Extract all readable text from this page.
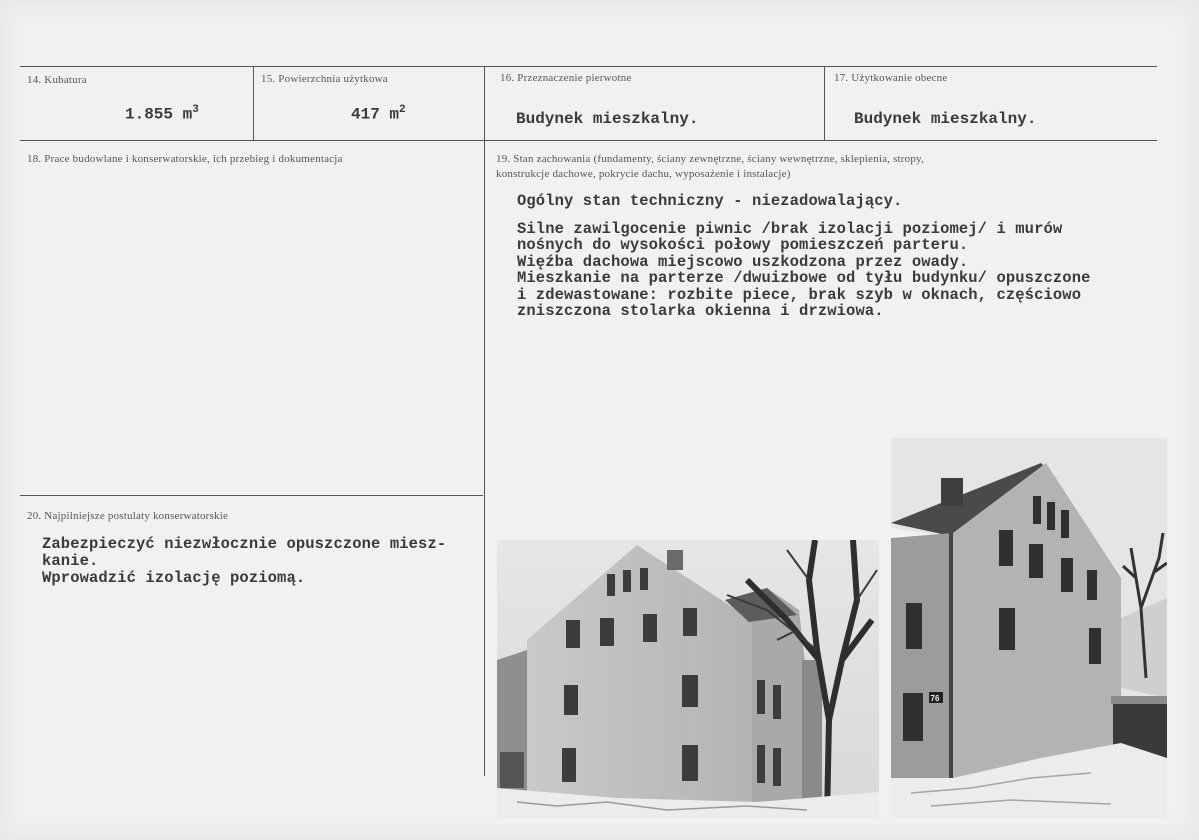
14. Kubatura
1.855 $m^3$
15. Powierzchnia użytkowa
417 $m^2$
16. Przeznaczenie pierwotne
Budynek mieszkalny.
17. Użytkowanie obecne
Budynek mieszkalny.
18. Prace budowlane i konserwatorskie, ich przebieg i dokumentacja	19. Stan zachowania (fundamenty, ściany zewnętrzne, ściany wewnętrzne, sklepienia, stropy,
konstrukcje dachowe, pokrycie dachu, wyposażenie i instalacje)
Ogólny stan techniczny - niezadowalający.
Silne zawilgocenie piwnic /brak izolacji poziomej/ i murów
nośnych do wysokości połowy pomieszczeń parteru.
Więźba dachowa miejscowo uszkodzona przez owady.
Mieszkanie na parterze /dwuizbowe od tyłu budynku/ opuszczone
i zdewastowane: rozbite piece, brak szyb w oknach, częściowo
zniszczona stolarka okienna i drzwiowa.
20. Najpilniejsze postulaty konserwatorskie
Zabezpieczyć niezwłocznie opuszczone miesz-
kanie.
Wprowadzić izolację poziomą.
76
